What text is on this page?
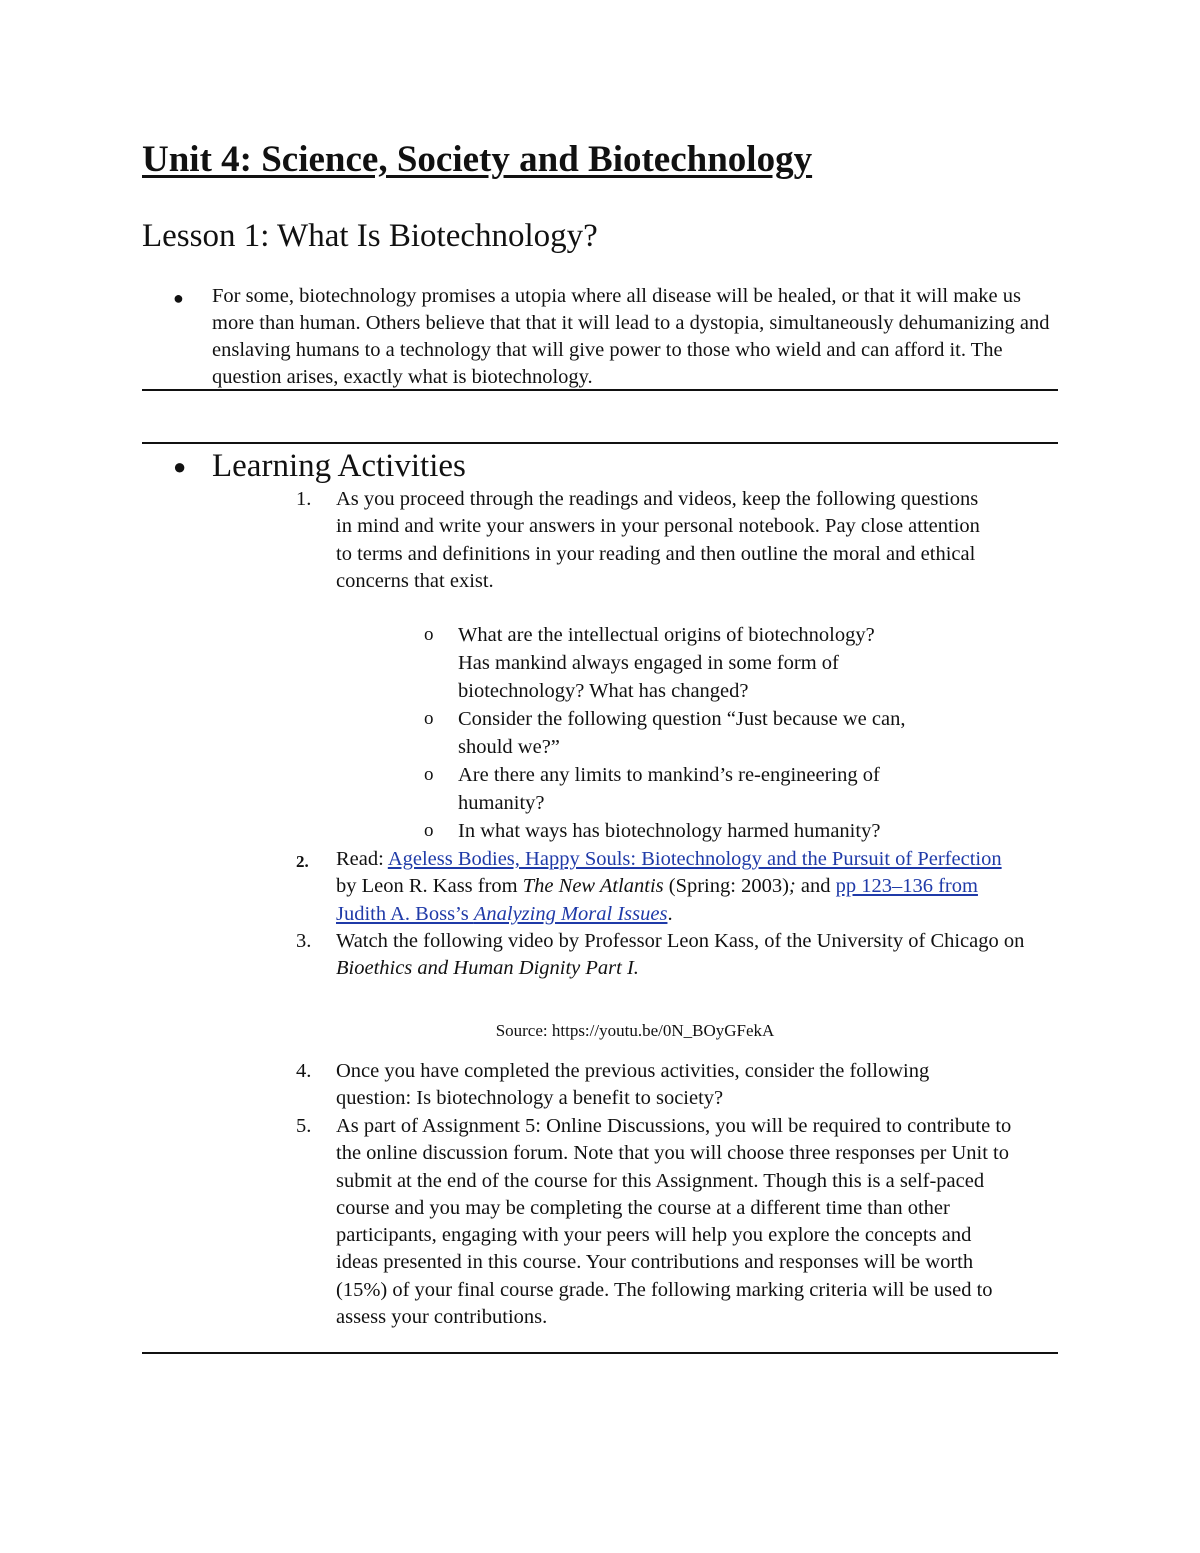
Unit 4: Science, Society and Biotechnology
Lesson 1: What Is Biotechnology?
● For some, biotechnology promises a utopia where all disease will be healed, or that it will make us more than human. Others believe that that it will lead to a dystopia, simultaneously dehumanizing and enslaving humans to a technology that will give power to those who wield and can afford it. The question arises, exactly what is biotechnology.

● Learning Activities
1.	As you proceed through the readings and videos, keep the following questions in mind and write your answers in your personal notebook. Pay close attention to terms and definitions in your reading and then outline the moral and ethical concerns that exist.
o What are the intellectual origins of biotechnology? Has mankind always engaged in some form of biotechnology? What has changed?
o Consider the following question “Just because we can, should we?”
o Are there any limits to mankind’s re-engineering of humanity?
o In what ways has biotechnology harmed humanity?
2.	Read: Ageless Bodies, Happy Souls: Biotechnology and the Pursuit of Perfection by Leon R. Kass from The New Atlantis (Spring: 2003); and pp 123–136 from Judith A. Boss’s Analyzing Moral Issues.
3.	Watch the following video by Professor Leon Kass, of the University of Chicago on Bioethics and Human Dignity Part I.
Source: https://youtu.be/0N_BOyGFekA
4.	Once you have completed the previous activities, consider the following question: Is biotechnology a benefit to society?
5.	As part of Assignment 5: Online Discussions, you will be required to contribute to the online discussion forum. Note that you will choose three responses per Unit to submit at the end of the course for this Assignment. Though this is a self-paced course and you may be completing the course at a different time than other participants, engaging with your peers will help you explore the concepts and ideas presented in this course. Your contributions and responses will be worth (15%) of your final course grade. The following marking criteria will be used to assess your contributions.
